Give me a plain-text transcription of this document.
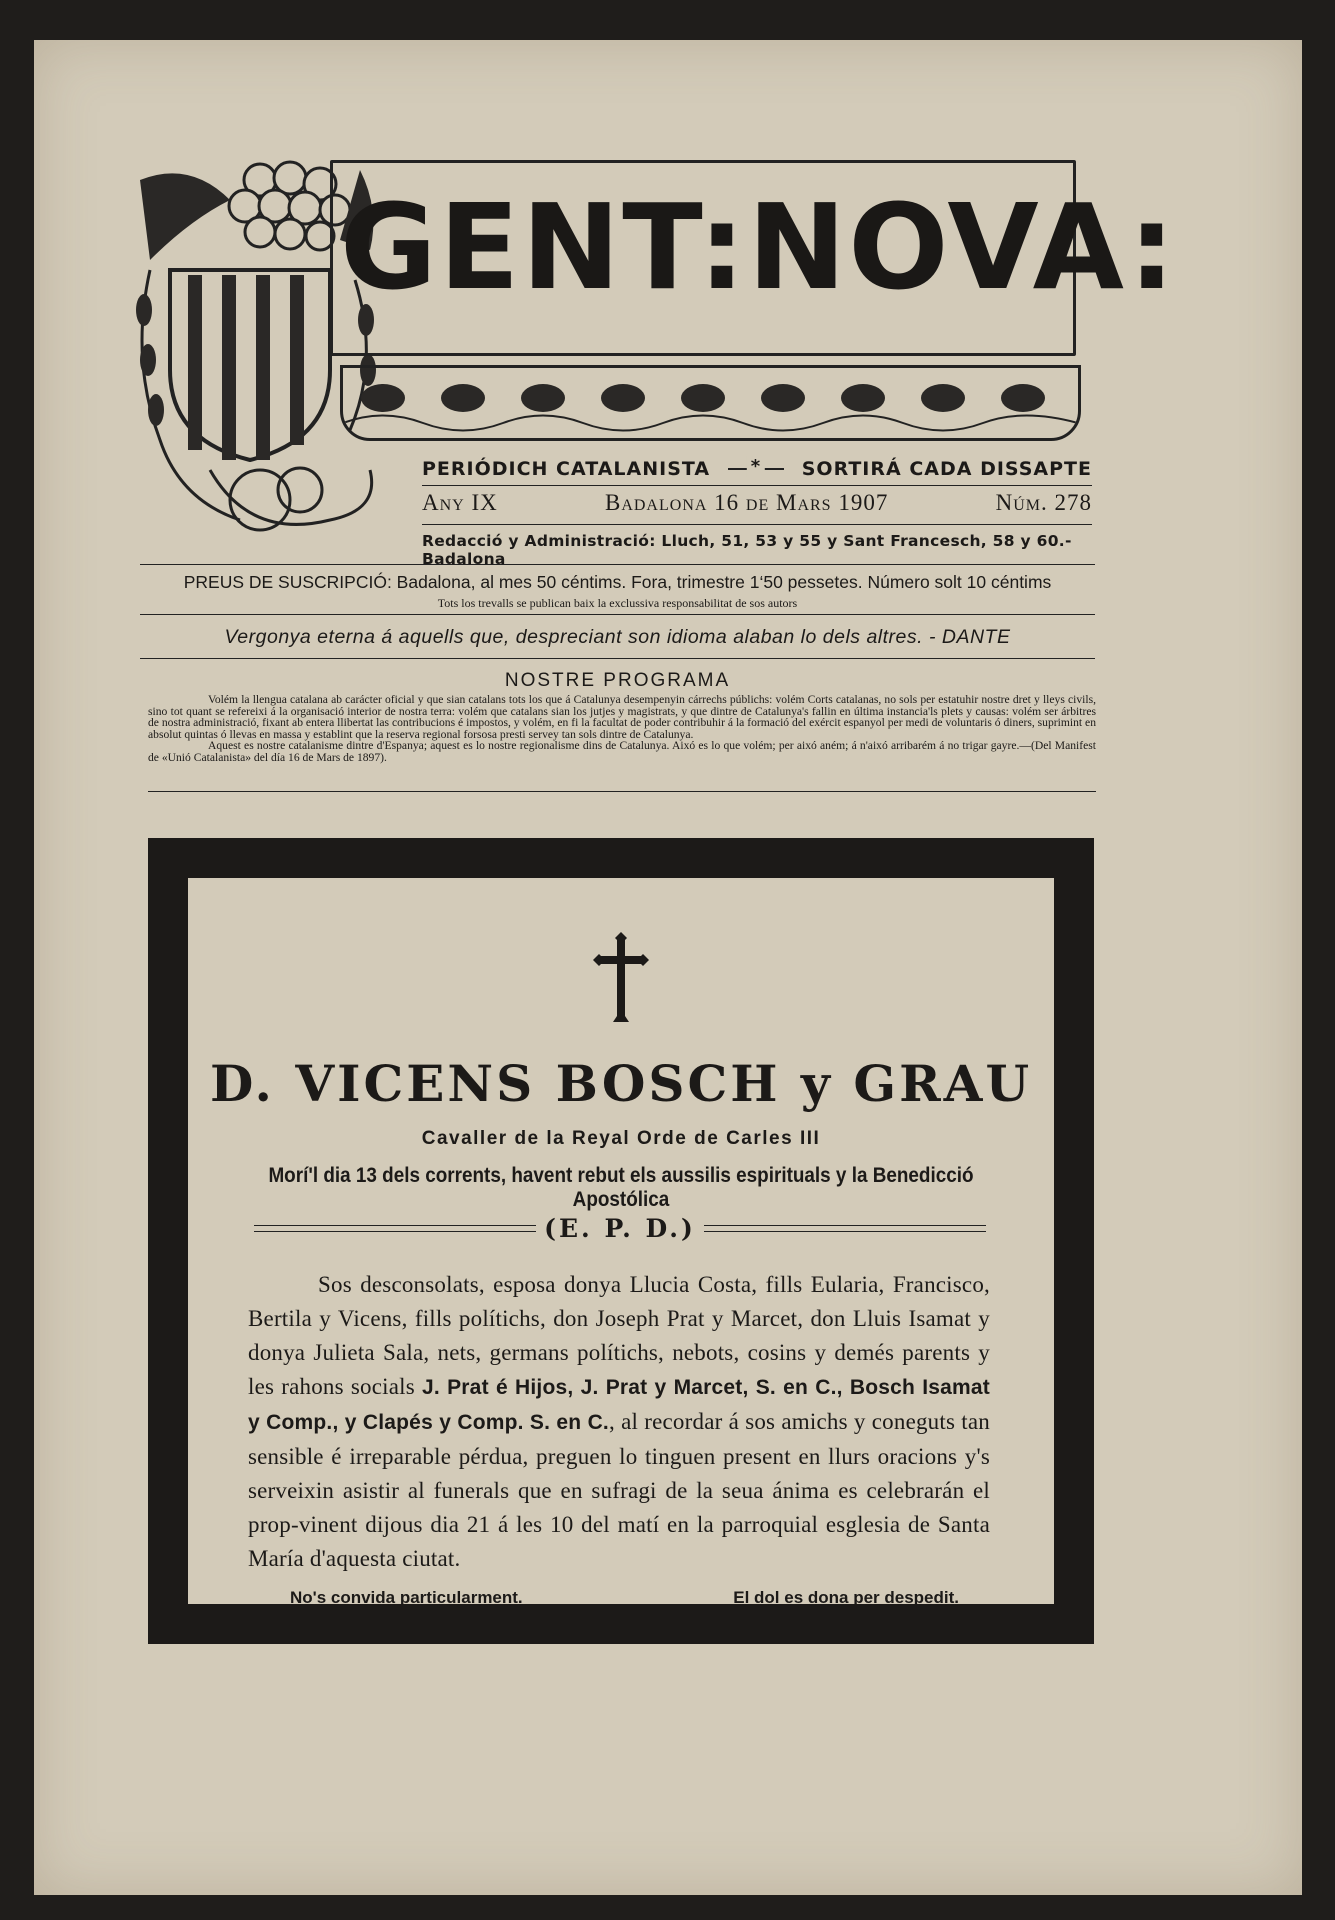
GENT:NOVA:
PERIÓDICH CATALANISTA * SORTIRÁ CADA DISSAPTE
Any IX	Badalona 16 de Mars 1907	Núm. 278
Redacció y Administració: Lluch, 51, 53 y 55 y Sant Francesch, 58 y 60.-Badalona
PREUS DE SUSCRIPCIÓ: Badalona, al mes 50 céntims. Fora, trimestre 1‘50 pessetes. Número solt 10 céntims
Tots los trevalls se publican baix la exclussiva responsabilitat de sos autors
Vergonya eterna á aquells que, despreciant son idioma alaban lo dels altres. - DANTE
NOSTRE PROGRAMA

Volém la llengua catalana ab carácter oficial y que sian catalans tots los que á Catalunya desempenyin cárrechs públichs: volém Corts catalanas, no sols per estatuhir nostre dret y lleys civils, sino tot quant se refereixi á la organisació interior de nostra terra: volém que catalans sian los jutjes y magistrats, y que dintre de Catalunya's fallin en última instancia'ls plets y causas: volém ser árbitres de nostra administració, fixant ab entera llibertat las contribucions é impostos, y volém, en fi la facultat de poder contribuhir á la formació del exércit espanyol per medi de voluntaris ó diners, suprimint en absolut quintas ó llevas en massa y establint que la reserva regional forsosa presti servey tan sols dintre de Catalunya.

Aquest es nostre catalanisme dintre d'Espanya; aquest es lo nostre regionalisme dins de Catalunya. Aixó es lo que volém; per aixó aném; á n'aixó arribarém á no trigar gayre.—(Del Manifest de «Unió Catalanista» del día 16 de Mars de 1897).

D. VICENS BOSCH y GRAU
Cavaller de la Reyal Orde de Carles III
Morí'l dia 13 dels corrents, havent rebut els aussilis espirituals y la Benedicció Apostólica
(E. P. D.)
Sos desconsolats, esposa donya Llucia Costa, fills Eularia, Francisco, Bertila y Vicens, fills polítichs, don Joseph Prat y Marcet, don Lluis Isamat y donya Julieta Sala, nets, germans polítichs, nebots, cosins y demés parents y les rahons socials J. Prat é Hijos, J. Prat y Marcet, S. en C., Bosch Isamat y Comp., y Clapés y Comp. S. en C., al recordar á sos amichs y coneguts tan sensible é irreparable pérdua, preguen lo tinguen present en llurs oracions y's serveixin asistir al funerals que en sufragi de la seua ánima es celebrarán el prop-vinent dijous dia 21 á les 10 del matí en la parroquial esglesia de Santa María d'aquesta ciutat.
No's convida particularment.	El dol es dona per despedit.
